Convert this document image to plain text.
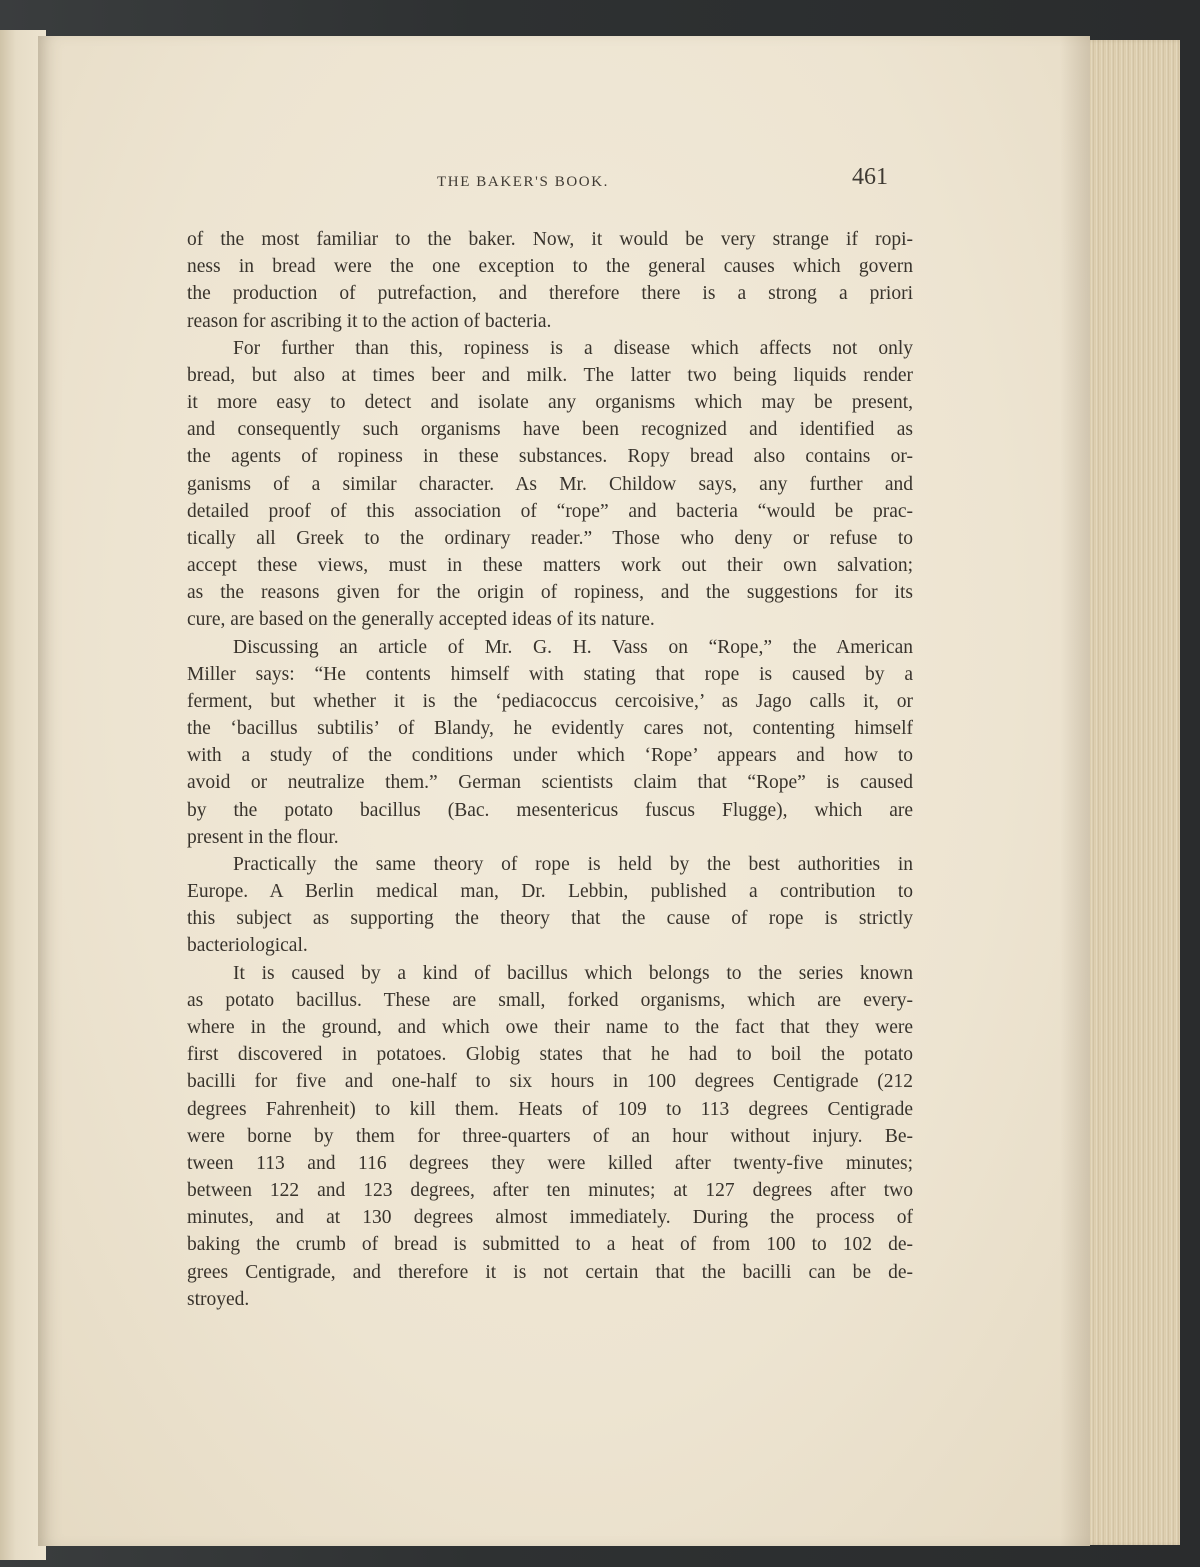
THE BAKER'S BOOK.	461
of the most familiar to the baker. Now, it would be very strange if ropi-
ness in bread were the one exception to the general causes which govern
the production of putrefaction, and therefore there is a strong a priori
reason for ascribing it to the action of bacteria.
For further than this, ropiness is a disease which affects not only
bread, but also at times beer and milk. The latter two being liquids render
it more easy to detect and isolate any organisms which may be present,
and consequently such organisms have been recognized and identified as
the agents of ropiness in these substances. Ropy bread also contains or-
ganisms of a similar character. As Mr. Childow says, any further and
detailed proof of this association of “rope” and bacteria “would be prac-
tically all Greek to the ordinary reader.” Those who deny or refuse to
accept these views, must in these matters work out their own salvation;
as the reasons given for the origin of ropiness, and the suggestions for its
cure, are based on the generally accepted ideas of its nature.
Discussing an article of Mr. G. H. Vass on “Rope,” the American
Miller says: “He contents himself with stating that rope is caused by a
ferment, but whether it is the ‘pediacoccus cercoisive,’ as Jago calls it, or
the ‘bacillus subtilis’ of Blandy, he evidently cares not, contenting himself
with a study of the conditions under which ‘Rope’ appears and how to
avoid or neutralize them.” German scientists claim that “Rope” is caused
by the potato bacillus (Bac. mesentericus fuscus Flugge), which are
present in the flour.
Practically the same theory of rope is held by the best authorities in
Europe. A Berlin medical man, Dr. Lebbin, published a contribution to
this subject as supporting the theory that the cause of rope is strictly
bacteriological.
It is caused by a kind of bacillus which belongs to the series known
as potato bacillus. These are small, forked organisms, which are every-
where in the ground, and which owe their name to the fact that they were
first discovered in potatoes. Globig states that he had to boil the potato
bacilli for five and one-half to six hours in 100 degrees Centigrade (212
degrees Fahrenheit) to kill them. Heats of 109 to 113 degrees Centigrade
were borne by them for three-quarters of an hour without injury. Be-
tween 113 and 116 degrees they were killed after twenty-five minutes;
between 122 and 123 degrees, after ten minutes; at 127 degrees after two
minutes, and at 130 degrees almost immediately. During the process of
baking the crumb of bread is submitted to a heat of from 100 to 102 de-
grees Centigrade, and therefore it is not certain that the bacilli can be de-
stroyed.
